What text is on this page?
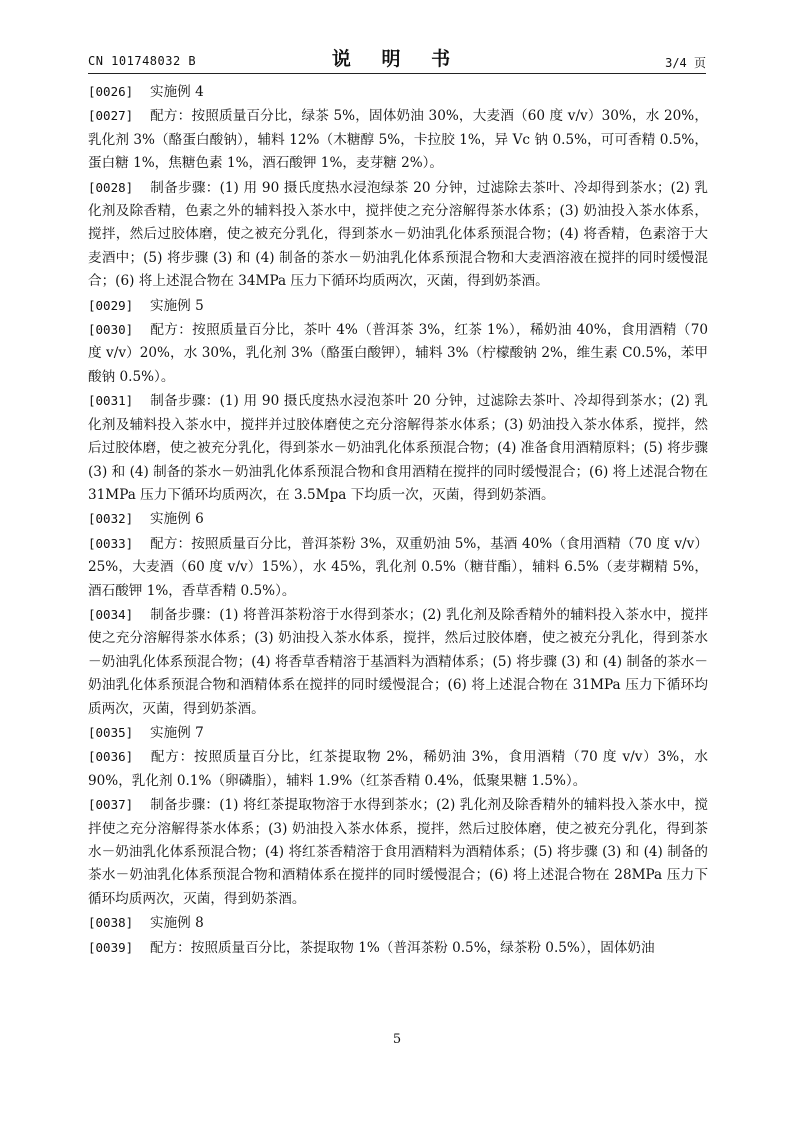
CN 101748032 B	说 明 书	3/4 页

[0026] 实施例 4

[0027] 配方：按照质量百分比，绿茶 5%，固体奶油 30%，大麦酒（60 度 v/v）30%，水 20%，乳化剂 3%（酪蛋白酸钠），辅料 12%（木糖醇 5%，卡拉胶 1%，异 Vc 钠 0.5%，可可香精 0.5%，蛋白糖 1%，焦糖色素 1%，酒石酸钾 1%，麦芽糖 2%）。

[0028] 制备步骤：(1) 用 90 摄氏度热水浸泡绿茶 20 分钟，过滤除去茶叶、冷却得到茶水；(2) 乳化剂及除香精，色素之外的辅料投入茶水中，搅拌使之充分溶解得茶水体系；(3) 奶油投入茶水体系，搅拌，然后过胶体磨，使之被充分乳化，得到茶水－奶油乳化体系预混合物；(4) 将香精，色素溶于大麦酒中；(5) 将步骤 (3) 和 (4) 制备的茶水－奶油乳化体系预混合物和大麦酒溶液在搅拌的同时缓慢混合；(6) 将上述混合物在 34MPa 压力下循环均质两次，灭菌，得到奶茶酒。

[0029] 实施例 5

[0030] 配方：按照质量百分比，茶叶 4%（普洱茶 3%，红茶 1%），稀奶油 40%，食用酒精（70 度 v/v）20%，水 30%，乳化剂 3%（酪蛋白酸钾），辅料 3%（柠檬酸钠 2%，维生素 C0.5%，苯甲酸钠 0.5%）。

[0031] 制备步骤：(1) 用 90 摄氏度热水浸泡茶叶 20 分钟，过滤除去茶叶、冷却得到茶水；(2) 乳化剂及辅料投入茶水中，搅拌并过胶体磨使之充分溶解得茶水体系；(3) 奶油投入茶水体系，搅拌，然后过胶体磨，使之被充分乳化，得到茶水－奶油乳化体系预混合物；(4) 准备食用酒精原料；(5) 将步骤 (3) 和 (4) 制备的茶水－奶油乳化体系预混合物和食用酒精在搅拌的同时缓慢混合；(6) 将上述混合物在 31MPa 压力下循环均质两次，在 3.5Mpa 下均质一次，灭菌，得到奶茶酒。

[0032] 实施例 6

[0033] 配方：按照质量百分比，普洱茶粉 3%，双重奶油 5%，基酒 40%（食用酒精（70 度 v/v）25%，大麦酒（60 度 v/v）15%），水 45%，乳化剂 0.5%（糖苷酯），辅料 6.5%（麦芽糊精 5%，酒石酸钾 1%，香草香精 0.5%）。

[0034] 制备步骤：(1) 将普洱茶粉溶于水得到茶水；(2) 乳化剂及除香精外的辅料投入茶水中，搅拌使之充分溶解得茶水体系；(3) 奶油投入茶水体系，搅拌，然后过胶体磨，使之被充分乳化，得到茶水－奶油乳化体系预混合物；(4) 将香草香精溶于基酒料为酒精体系；(5) 将步骤 (3) 和 (4) 制备的茶水－奶油乳化体系预混合物和酒精体系在搅拌的同时缓慢混合；(6) 将上述混合物在 31MPa 压力下循环均质两次，灭菌，得到奶茶酒。

[0035] 实施例 7

[0036] 配方：按照质量百分比，红茶提取物 2%，稀奶油 3%，食用酒精（70 度 v/v）3%，水 90%，乳化剂 0.1%（卵磷脂），辅料 1.9%（红茶香精 0.4%，低聚果糖 1.5%）。

[0037] 制备步骤：(1) 将红茶提取物溶于水得到茶水；(2) 乳化剂及除香精外的辅料投入茶水中，搅拌使之充分溶解得茶水体系；(3) 奶油投入茶水体系，搅拌，然后过胶体磨，使之被充分乳化，得到茶水－奶油乳化体系预混合物；(4) 将红茶香精溶于食用酒精料为酒精体系；(5) 将步骤 (3) 和 (4) 制备的茶水－奶油乳化体系预混合物和酒精体系在搅拌的同时缓慢混合；(6) 将上述混合物在 28MPa 压力下循环均质两次，灭菌，得到奶茶酒。

[0038] 实施例 8

[0039] 配方：按照质量百分比，茶提取物 1%（普洱茶粉 0.5%，绿茶粉 0.5%），固体奶油

5
